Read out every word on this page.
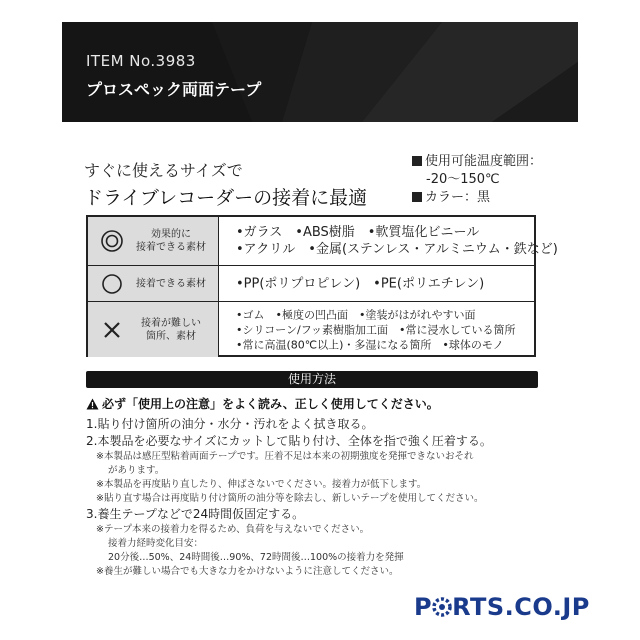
ITEM No.3983
プロスペック両面テープ
すぐに使えるサイズで
ドライブレコーダーの接着に最適
使用可能温度範囲：
-20～150℃
カラー：黒
効果的に
接着できる素材
•ガラス　•ABS樹脂　•軟質塩化ビニール
•アクリル　•金属(ステンレス・アルミニウム・鉄など)
接着できる素材	•PP(ポリプロピレン)　•PE(ポリエチレン)
接着が難しい
箇所、素材
•ゴム　•極度の凹凸面　•塗装がはがれやすい面
•シリコーン/フッ素樹脂加工面　•常に浸水している箇所
•常に高温(80℃以上)・多湿になる箇所　•球体のモノ
使用方法
必ず「使用上の注意」をよく読み、正しく使用してください。
1.貼り付け箇所の油分・水分・汚れをよく拭き取る。
2.本製品を必要なサイズにカットして貼り付け、全体を指で強く圧着する。
※本製品は感圧型粘着両面テープです。圧着不足は本来の初期強度を発揮できないおそれ
があります。
※本製品を再度貼り直したり、伸ばさないでください。接着力が低下します。
※貼り直す場合は再度貼り付け箇所の油分等を除去し、新しいテープを使用してください。
3.養生テープなどで24時間仮固定する。
※テープ本来の接着力を得るため、負荷を与えないでください。
接着力経時変化目安：
20分後…50%、24時間後…90%、72時間後…100%の接着力を発揮
※養生が難しい場合でも大きな力をかけないように注意してください。
P RTS.CO.JP
